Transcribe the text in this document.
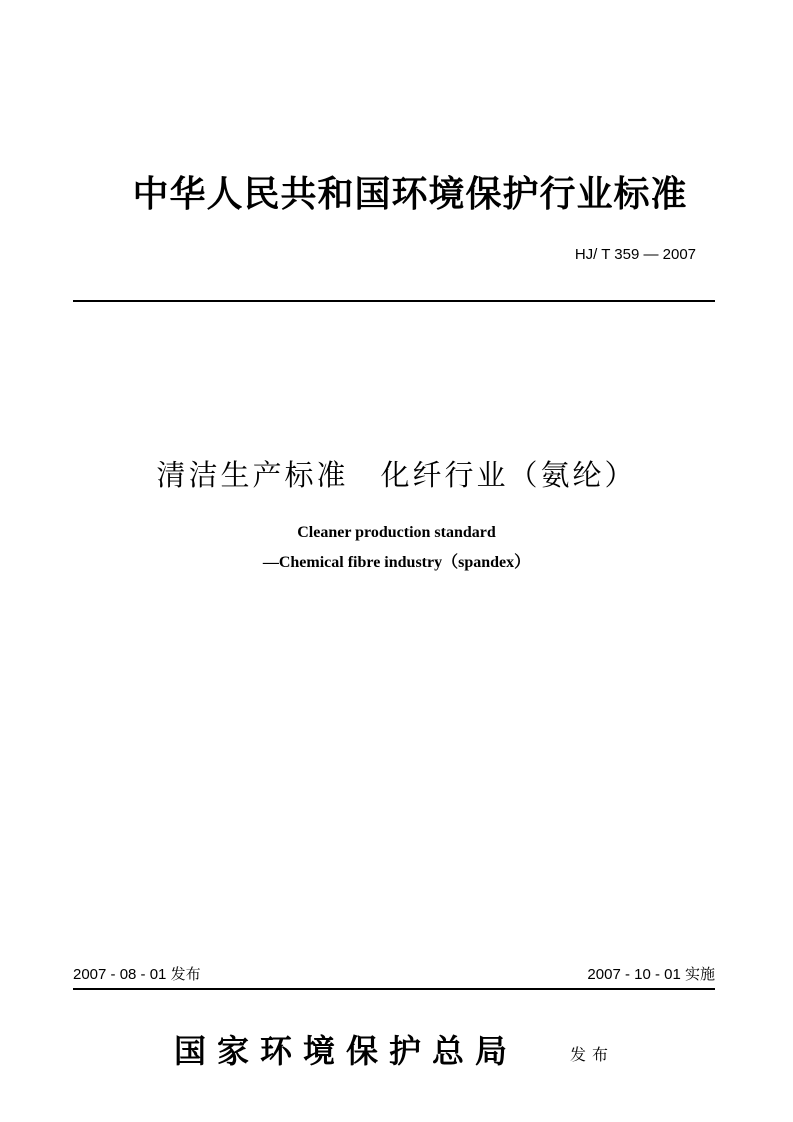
中华人民共和国环境保护行业标准
HJ/ T 359 — 2007
清洁生产标准　化纤行业（氨纶）
Cleaner production standard
—Chemical fibre industry（spandex）
2007 - 08 - 01 发布	2007 - 10 - 01 实施
国家环境保护总局	发布
